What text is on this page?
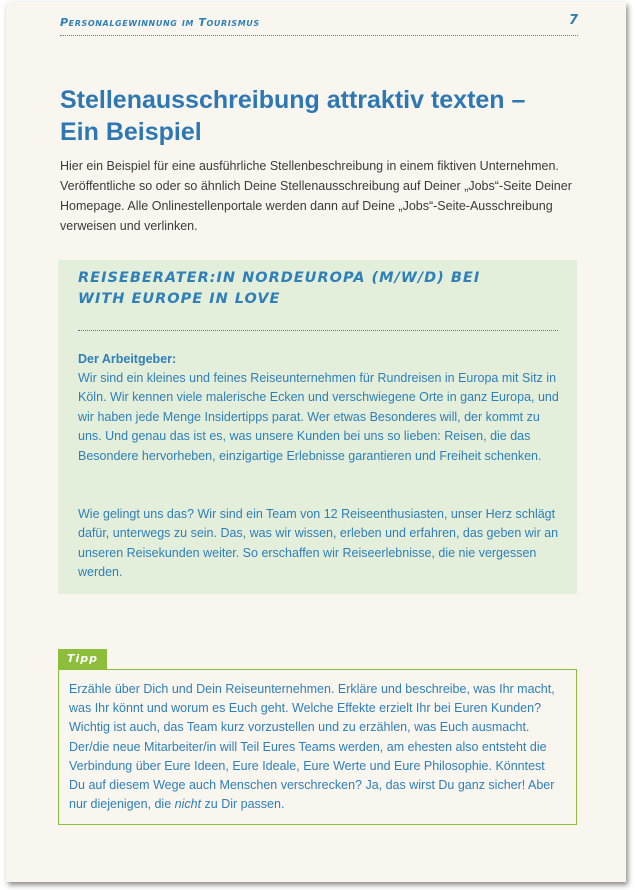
Personalgewinnung im Tourismus	7
Stellenausschreibung attraktiv texten –
Ein Beispiel

Hier ein Beispiel für eine ausführliche Stellenbeschreibung in einem fiktiven Unternehmen. Veröffentliche so oder so ähnlich Deine Stellenausschreibung auf Deiner „Jobs“-Seite Deiner Homepage. Alle Onlinestellenportale werden dann auf Deine „Jobs“-Seite-Ausschreibung verweisen und verlinken.

REISEBERATER:IN NORDEUROPA (M/W/D) BEI
WITH EUROPE IN LOVE
Der Arbeitgeber:

Wir sind ein kleines und feines Reiseunternehmen für Rundreisen in Europa mit Sitz in Köln. Wir kennen viele malerische Ecken und verschwiegene Orte in ganz Europa, und wir haben jede Menge Insidertipps parat. Wer etwas Besonderes will, der kommt zu uns. Und genau das ist es, was unsere Kunden bei uns so lieben: Reisen, die das Besondere hervorheben, einzigartige Erlebnisse garantieren und Freiheit schenken.

Wie gelingt uns das? Wir sind ein Team von 12 Reiseenthusiasten, unser Herz schlägt dafür, unterwegs zu sein. Das, was wir wissen, erleben und erfahren, das geben wir an unseren Reisekunden weiter. So erschaffen wir Reiseerlebnisse, die nie vergessen werden.

Tipp

Erzähle über Dich und Dein Reiseunternehmen. Erkläre und beschreibe, was Ihr macht, was Ihr könnt und worum es Euch geht. Welche Effekte erzielt Ihr bei Euren Kunden? Wichtig ist auch, das Team kurz vorzustellen und zu erzählen, was Euch ausmacht. Der/die neue Mitarbeiter/in will Teil Eures Teams werden, am ehesten also entsteht die Verbindung über Eure Ideen, Eure Ideale, Eure Werte und Eure Philosophie. Könntest Du auf diesem Wege auch Menschen verschrecken? Ja, das wirst Du ganz sicher! Aber nur diejenigen, die nicht zu Dir passen.
